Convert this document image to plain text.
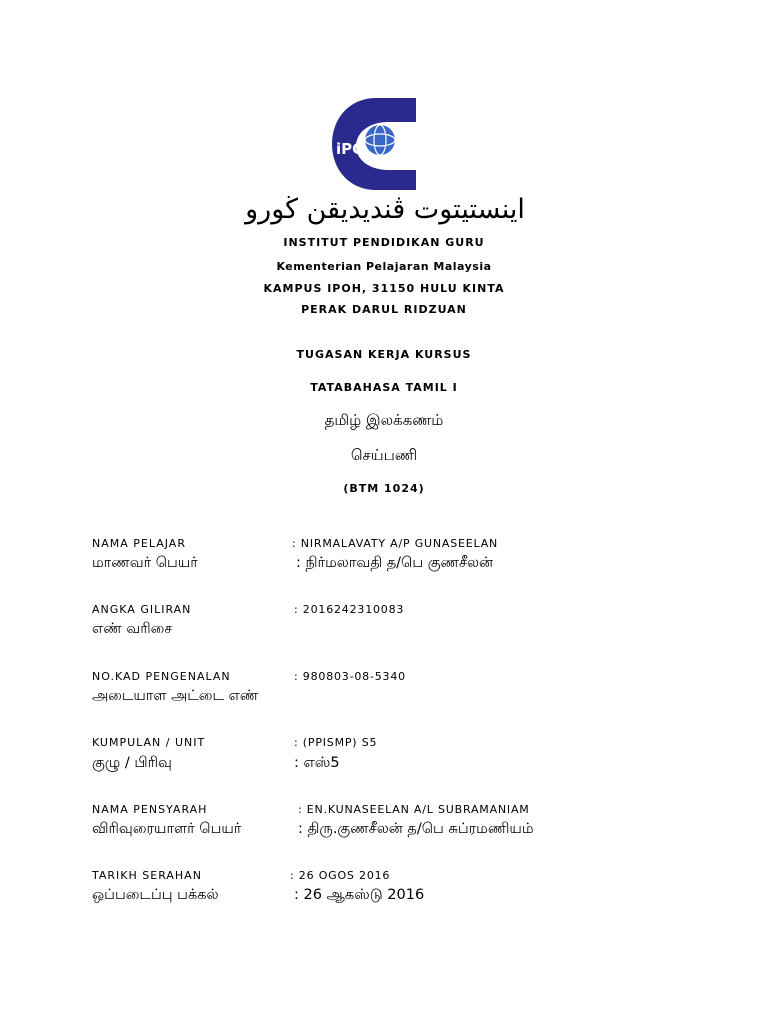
iPG
اينستيتوت ڤنديديقن ڬورو
INSTITUT PENDIDIKAN GURU
Kementerian Pelajaran Malaysia
KAMPUS IPOH, 31150 HULU KINTA
PERAK DARUL RIDZUAN
TUGASAN KERJA KURSUS
TATABAHASA TAMIL I
தமிழ் இலக்கணம்
செய்பணி
(BTM 1024)
NAMA PELAJAR	: NIRMALAVATY A/P GUNASEELAN
மாணவர் பெயர்	: நிர்மலாவதி த/பெ குணசீலன்
ANGKA GILIRAN	: 2016242310083
எண் வரிசை
NO.KAD PENGENALAN	: 980803-08-5340
அடையாள அட்டை எண்
KUMPULAN / UNIT	: (PPISMP) S5
குழு / பிரிவு	: எஸ்5
NAMA PENSYARAH	: EN.KUNASEELAN A/L SUBRAMANIAM
விரிவுரையாளர் பெயர்	: திரு.குணசீலன் த/பெ சுப்ரமணியம்
TARIKH SERAHAN	: 26 OGOS 2016
ஒப்படைப்பு பக்கல்	: 26 ஆகஸ்டு 2016
